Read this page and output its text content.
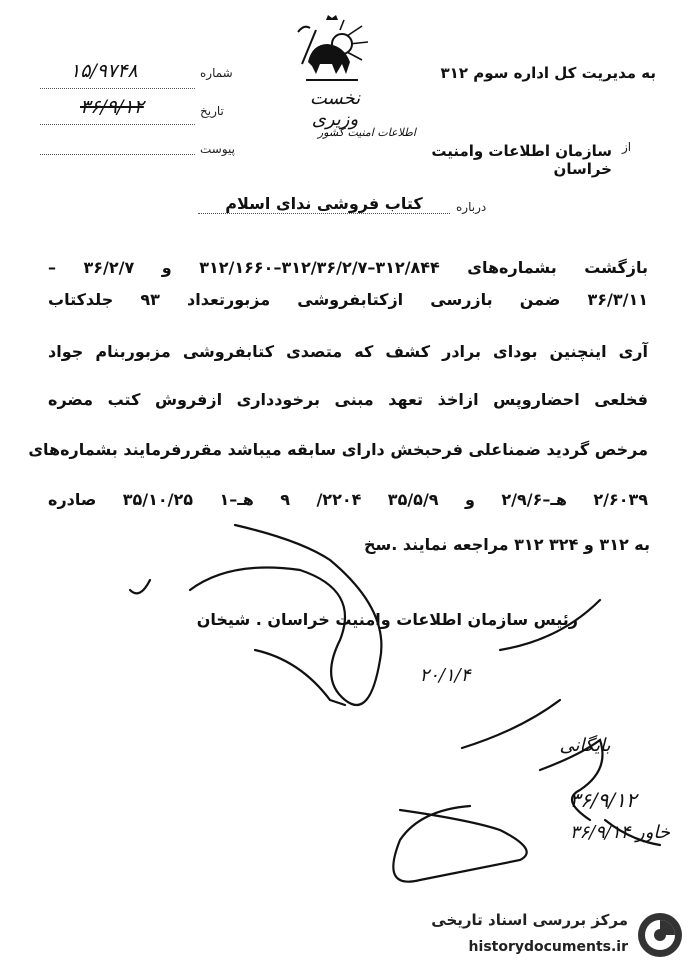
۱۵/۹۷۴۸	شماره
۳۶/۹/۱۲	تاریخ
پیوست
به مدیریت کل اداره سوم ۳۱۲
نخست وزیری
از
سازمان اطلاعات وامنیت خراسان
اطلاعات امنیت کشور
درباره
کتاب فروشی ندای اسلام
بازگشت بشماره‌های ۳۱۲/۸۴۴–۳۱۲/۳۶/۲/۷–۳۱۲/۱۶۶۰ و ۳۶/۲/۷ –
۳۶/۳/۱۱ ضمن بازرسی ازکتابفروشی مزبورتعداد ۹۳ جلدکتاب
آری اینچنین بودای برادر کشف که متصدی کتابفروشی مزبوربنام جواد
فخلعی احضاروپس ازاخذ تعهد مبنی برخودداری ازفروش کتب مضره
مرخص گردید ضمناعلی فرحبخش دارای سابقه میباشد مقررفرمایند بشماره‌های
۲/۶۰۳۹ هـ–۲/۹/۶ و ۳۵/۵/۹ ۲۲۰۴/ ۹ هـ–۱ ۳۵/۱۰/۲۵ صادره
به ۳۱۲ و ۳۲۴ ۳۱۲ مراجعه نمایند .سخ
رئیس سازمان اطلاعات وامنیت خراسان . شیخان
۲۰/۱/۴
بایگانی
۳۶/۹/۱۲
خاور ۳۶/۹/۱۴
مرکز بررسی اسناد تاریخی
historydocuments.ir
